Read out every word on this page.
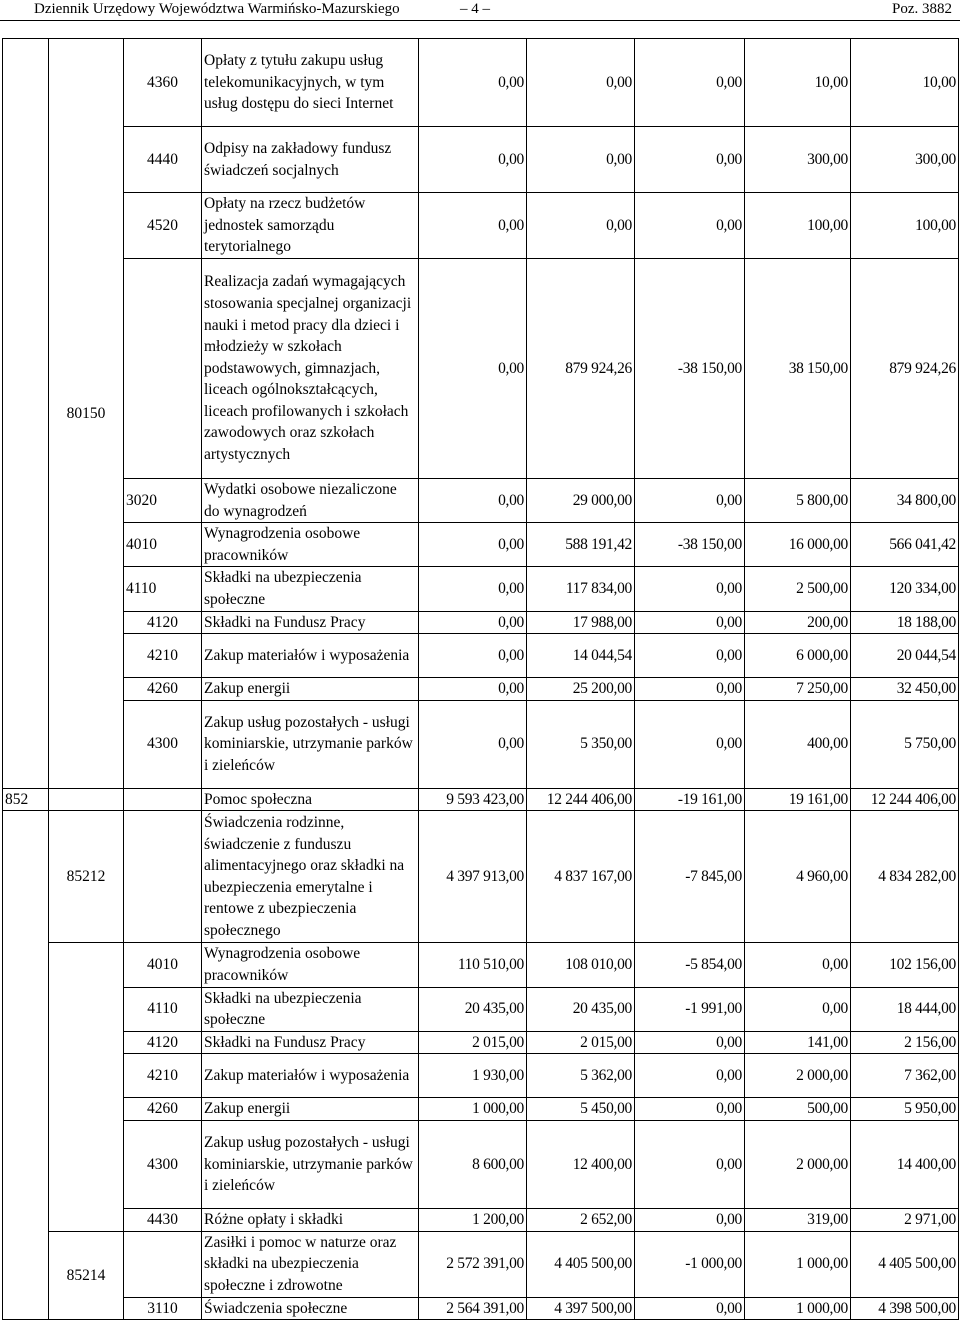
Dziennik Urzędowy Województwa Warmińsko-Mazurskiego	– 4 –	Poz. 3882
	80150	4360	Opłaty z tytułu zakupu usług telekomunikacyjnych, w tym usług dostępu do sieci Internet	0,00	0,00	0,00	10,00	10,00
		4440	Odpisy na zakładowy fundusz świadczeń socjalnych	0,00	0,00	0,00	300,00	300,00
		4520	Opłaty na rzecz budżetów jednostek samorządu terytorialnego	0,00	0,00	0,00	100,00	100,00
			Realizacja zadań wymagających stosowania specjalnej organizacji nauki i metod pracy dla dzieci i młodzieży w szkołach podstawowych, gimnazjach, liceach ogólnokształcących, liceach profilowanych i szkołach zawodowych oraz szkołach artystycznych	0,00	879 924,26	-38 150,00	38 150,00	879 924,26
		3020	Wydatki osobowe niezaliczone do wynagrodzeń	0,00	29 000,00	0,00	5 800,00	34 800,00
		4010	Wynagrodzenia osobowe pracowników	0,00	588 191,42	-38 150,00	16 000,00	566 041,42
		4110	Składki na ubezpieczenia społeczne	0,00	117 834,00	0,00	2 500,00	120 334,00
		4120	Składki na Fundusz Pracy	0,00	17 988,00	0,00	200,00	18 188,00
		4210	Zakup materiałów i wyposażenia	0,00	14 044,54	0,00	6 000,00	20 044,54
		4260	Zakup energii	0,00	25 200,00	0,00	7 250,00	32 450,00
		4300	Zakup usług pozostałych - usługi kominiarskie, utrzymanie parków i zieleńców	0,00	5 350,00	0,00	400,00	5 750,00
852			Pomoc społeczna	9 593 423,00	12 244 406,00	-19 161,00	19 161,00	12 244 406,00
	85212		Świadczenia rodzinne, świadczenie z funduszu alimentacyjnego oraz składki na ubezpieczenia emerytalne i rentowe z ubezpieczenia społecznego	4 397 913,00	4 837 167,00	-7 845,00	4 960,00	4 834 282,00
		4010	Wynagrodzenia osobowe pracowników	110 510,00	108 010,00	-5 854,00	0,00	102 156,00
		4110	Składki na ubezpieczenia społeczne	20 435,00	20 435,00	-1 991,00	0,00	18 444,00
		4120	Składki na Fundusz Pracy	2 015,00	2 015,00	0,00	141,00	2 156,00
		4210	Zakup materiałów i wyposażenia	1 930,00	5 362,00	0,00	2 000,00	7 362,00
		4260	Zakup energii	1 000,00	5 450,00	0,00	500,00	5 950,00
		4300	Zakup usług pozostałych - usługi kominiarskie, utrzymanie parków i zieleńców	8 600,00	12 400,00	0,00	2 000,00	14 400,00
		4430	Różne opłaty i składki	1 200,00	2 652,00	0,00	319,00	2 971,00
	85214		Zasiłki i pomoc w naturze oraz składki na ubezpieczenia społeczne i zdrowotne	2 572 391,00	4 405 500,00	-1 000,00	1 000,00	4 405 500,00
		3110	Świadczenia społeczne	2 564 391,00	4 397 500,00	0,00	1 000,00	4 398 500,00
